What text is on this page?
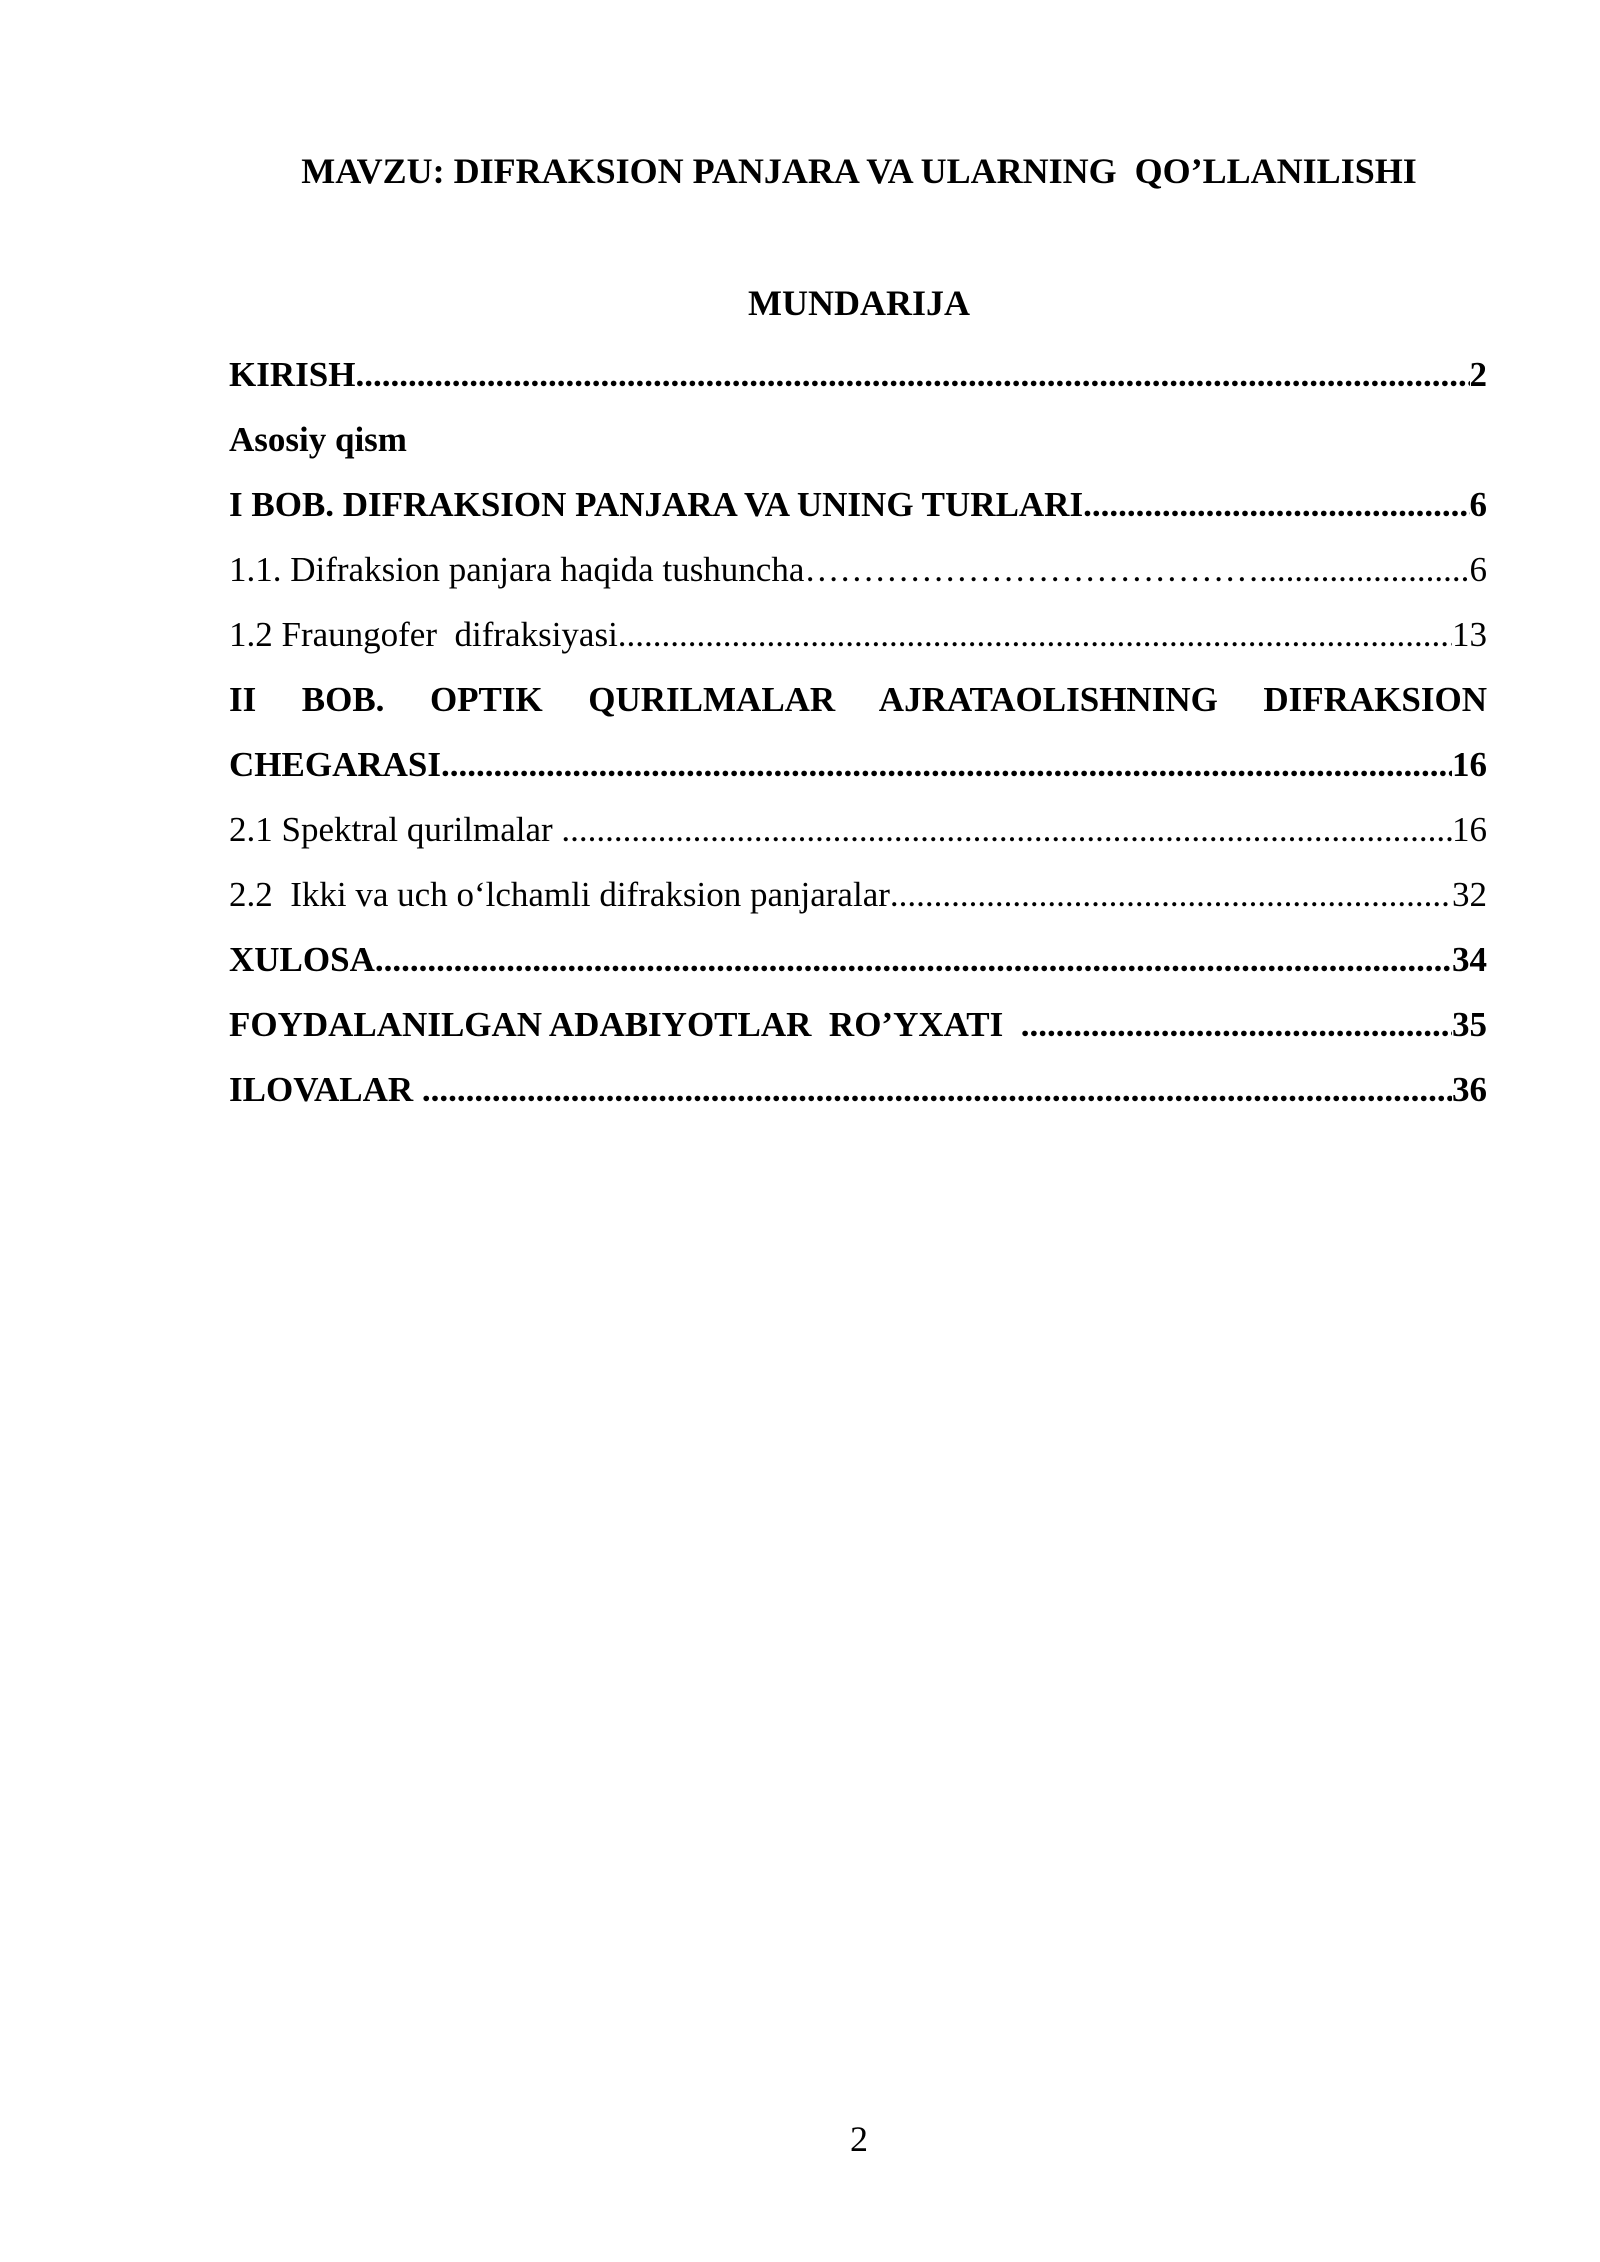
MAVZU: DIFRAKSION PANJARA VA ULARNING  QO’LLANILISHI
MUNDARIJA
KIRISH .....	2
Asosiy qism
I BOB. DIFRAKSION PANJARA VA UNING TURLARI .....	6
1.1. Difraksion panjara haqida tushuncha…………………………………. .....	6
1.2 Fraungofer  difraksiyasi .....	13
II BOB. OPTIK QURILMALAR AJRATAOLISHNING DIFRAKSION
CHEGARASI .....	16
2.1 Spektral qurilmalar .....	16
2.2  Ikki va uch o‘lchamli difraksion panjaralar .....	32
XULOSA .....	34
FOYDALANILGAN ADABIYOTLAR  RO’YXATI .....	35
ILOVALAR .....	36
2
